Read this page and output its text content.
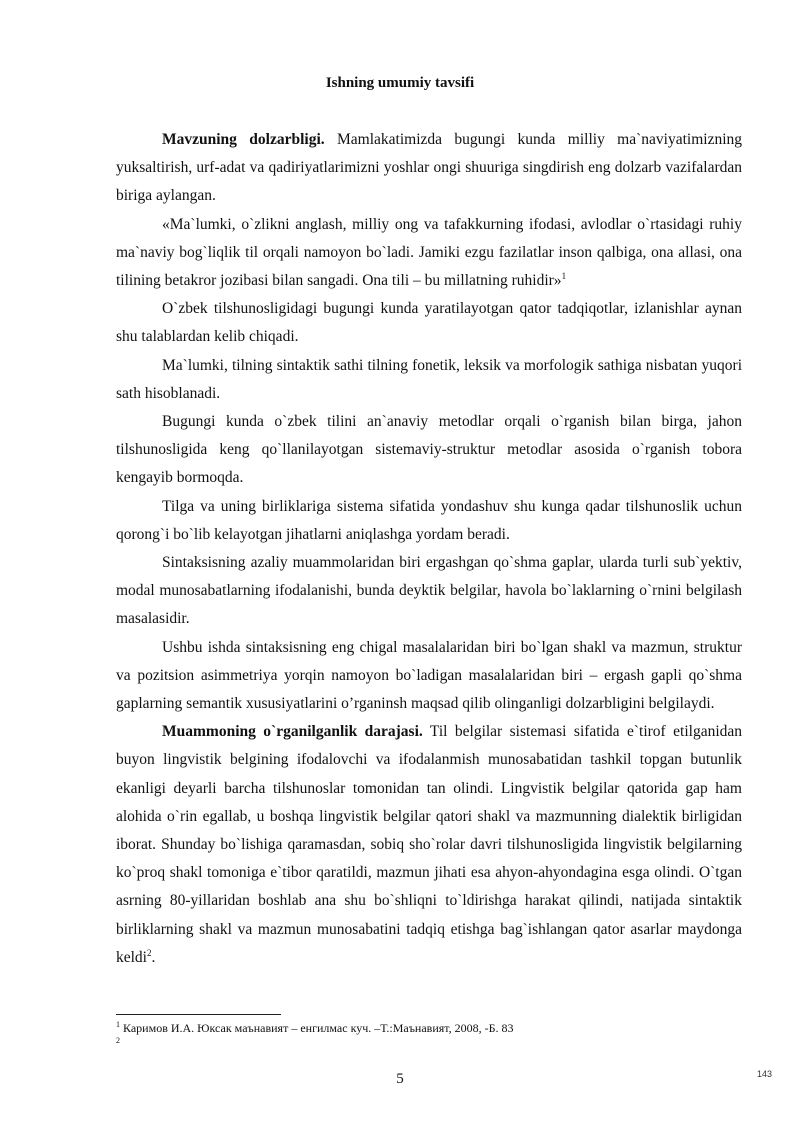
Ishning umumiy tavsifi

Mavzuning dolzarbligi. Mamlakatimizda bugungi kunda milliy ma`naviyatimizning yuksaltirish, urf-adat va qadiriyatlarimizni yoshlar ongi shuuriga singdirish eng dolzarb vazifalardan biriga aylangan.

«Ma`lumki, o`zlikni anglash, milliy ong va tafakkurning ifodasi, avlodlar o`rtasidagi ruhiy ma`naviy bog`liqlik til orqali namoyon bo`ladi. Jamiki ezgu fazilatlar inson qalbiga, ona allasi, ona tilining betakror jozibasi bilan sangadi. Ona tili – bu millatning ruhidir»$^1$

O`zbek tilshunosligidagi bugungi kunda yaratilayotgan qator tadqiqotlar, izlanishlar aynan shu talablardan kelib chiqadi.

Ma`lumki, tilning sintaktik sathi tilning fonetik, leksik va morfologik sathiga nisbatan yuqori sath hisoblanadi.

Bugungi kunda o`zbek tilini an`anaviy metodlar orqali o`rganish bilan birga, jahon tilshunosligida keng qo`llanilayotgan sistemaviy-struktur metodlar asosida o`rganish tobora kengayib bormoqda.

Tilga va uning birliklariga sistema sifatida yondashuv shu kunga qadar tilshunoslik uchun qorong`i bo`lib kelayotgan jihatlarni aniqlashga yordam beradi.

Sintaksisning azaliy muammolaridan biri ergashgan qo`shma gaplar, ularda turli sub`yektiv, modal munosabatlarning ifodalanishi, bunda deyktik belgilar, havola bo`laklarning o`rnini belgilash masalasidir.

Ushbu ishda sintaksisning eng chigal masalalaridan biri bo`lgan shakl va mazmun, struktur va pozitsion asimmetriya yorqin namoyon bo`ladigan masalalaridan biri – ergash gapli qo`shma gaplarning semantik xususiyatlarini o’rganinsh maqsad qilib olinganligi dolzarbligini belgilaydi.

Muammoning o`rganilganlik darajasi. Til belgilar sistemasi sifatida e`tirof etilganidan buyon lingvistik belgining ifodalovchi va ifodalanmish munosabatidan tashkil topgan butunlik ekanligi deyarli barcha tilshunoslar tomonidan tan olindi. Lingvistik belgilar qatorida gap ham alohida o`rin egallab, u boshqa lingvistik belgilar qatori shakl va mazmunning dialektik birligidan iborat. Shunday bo`lishiga qaramasdan, sobiq sho`rolar davri tilshunosligida lingvistik belgilarning ko`proq shakl tomoniga e`tibor qaratildi, mazmun jihati esa ahyon-ahyondagina esga olindi. O`tgan asrning 80-yillaridan boshlab ana shu bo`shliqni to`ldirishga harakat qilindi, natijada sintaktik birliklarning shakl va mazmun munosabatini tadqiq etishga bag`ishlangan qator asarlar maydonga keldi$^2$.

$^1$ Каримов И.А. Юксак маънавият – енгилмас куч. –Т.:Маънавият, 2008, -Б. 83

$^2$

5	143
